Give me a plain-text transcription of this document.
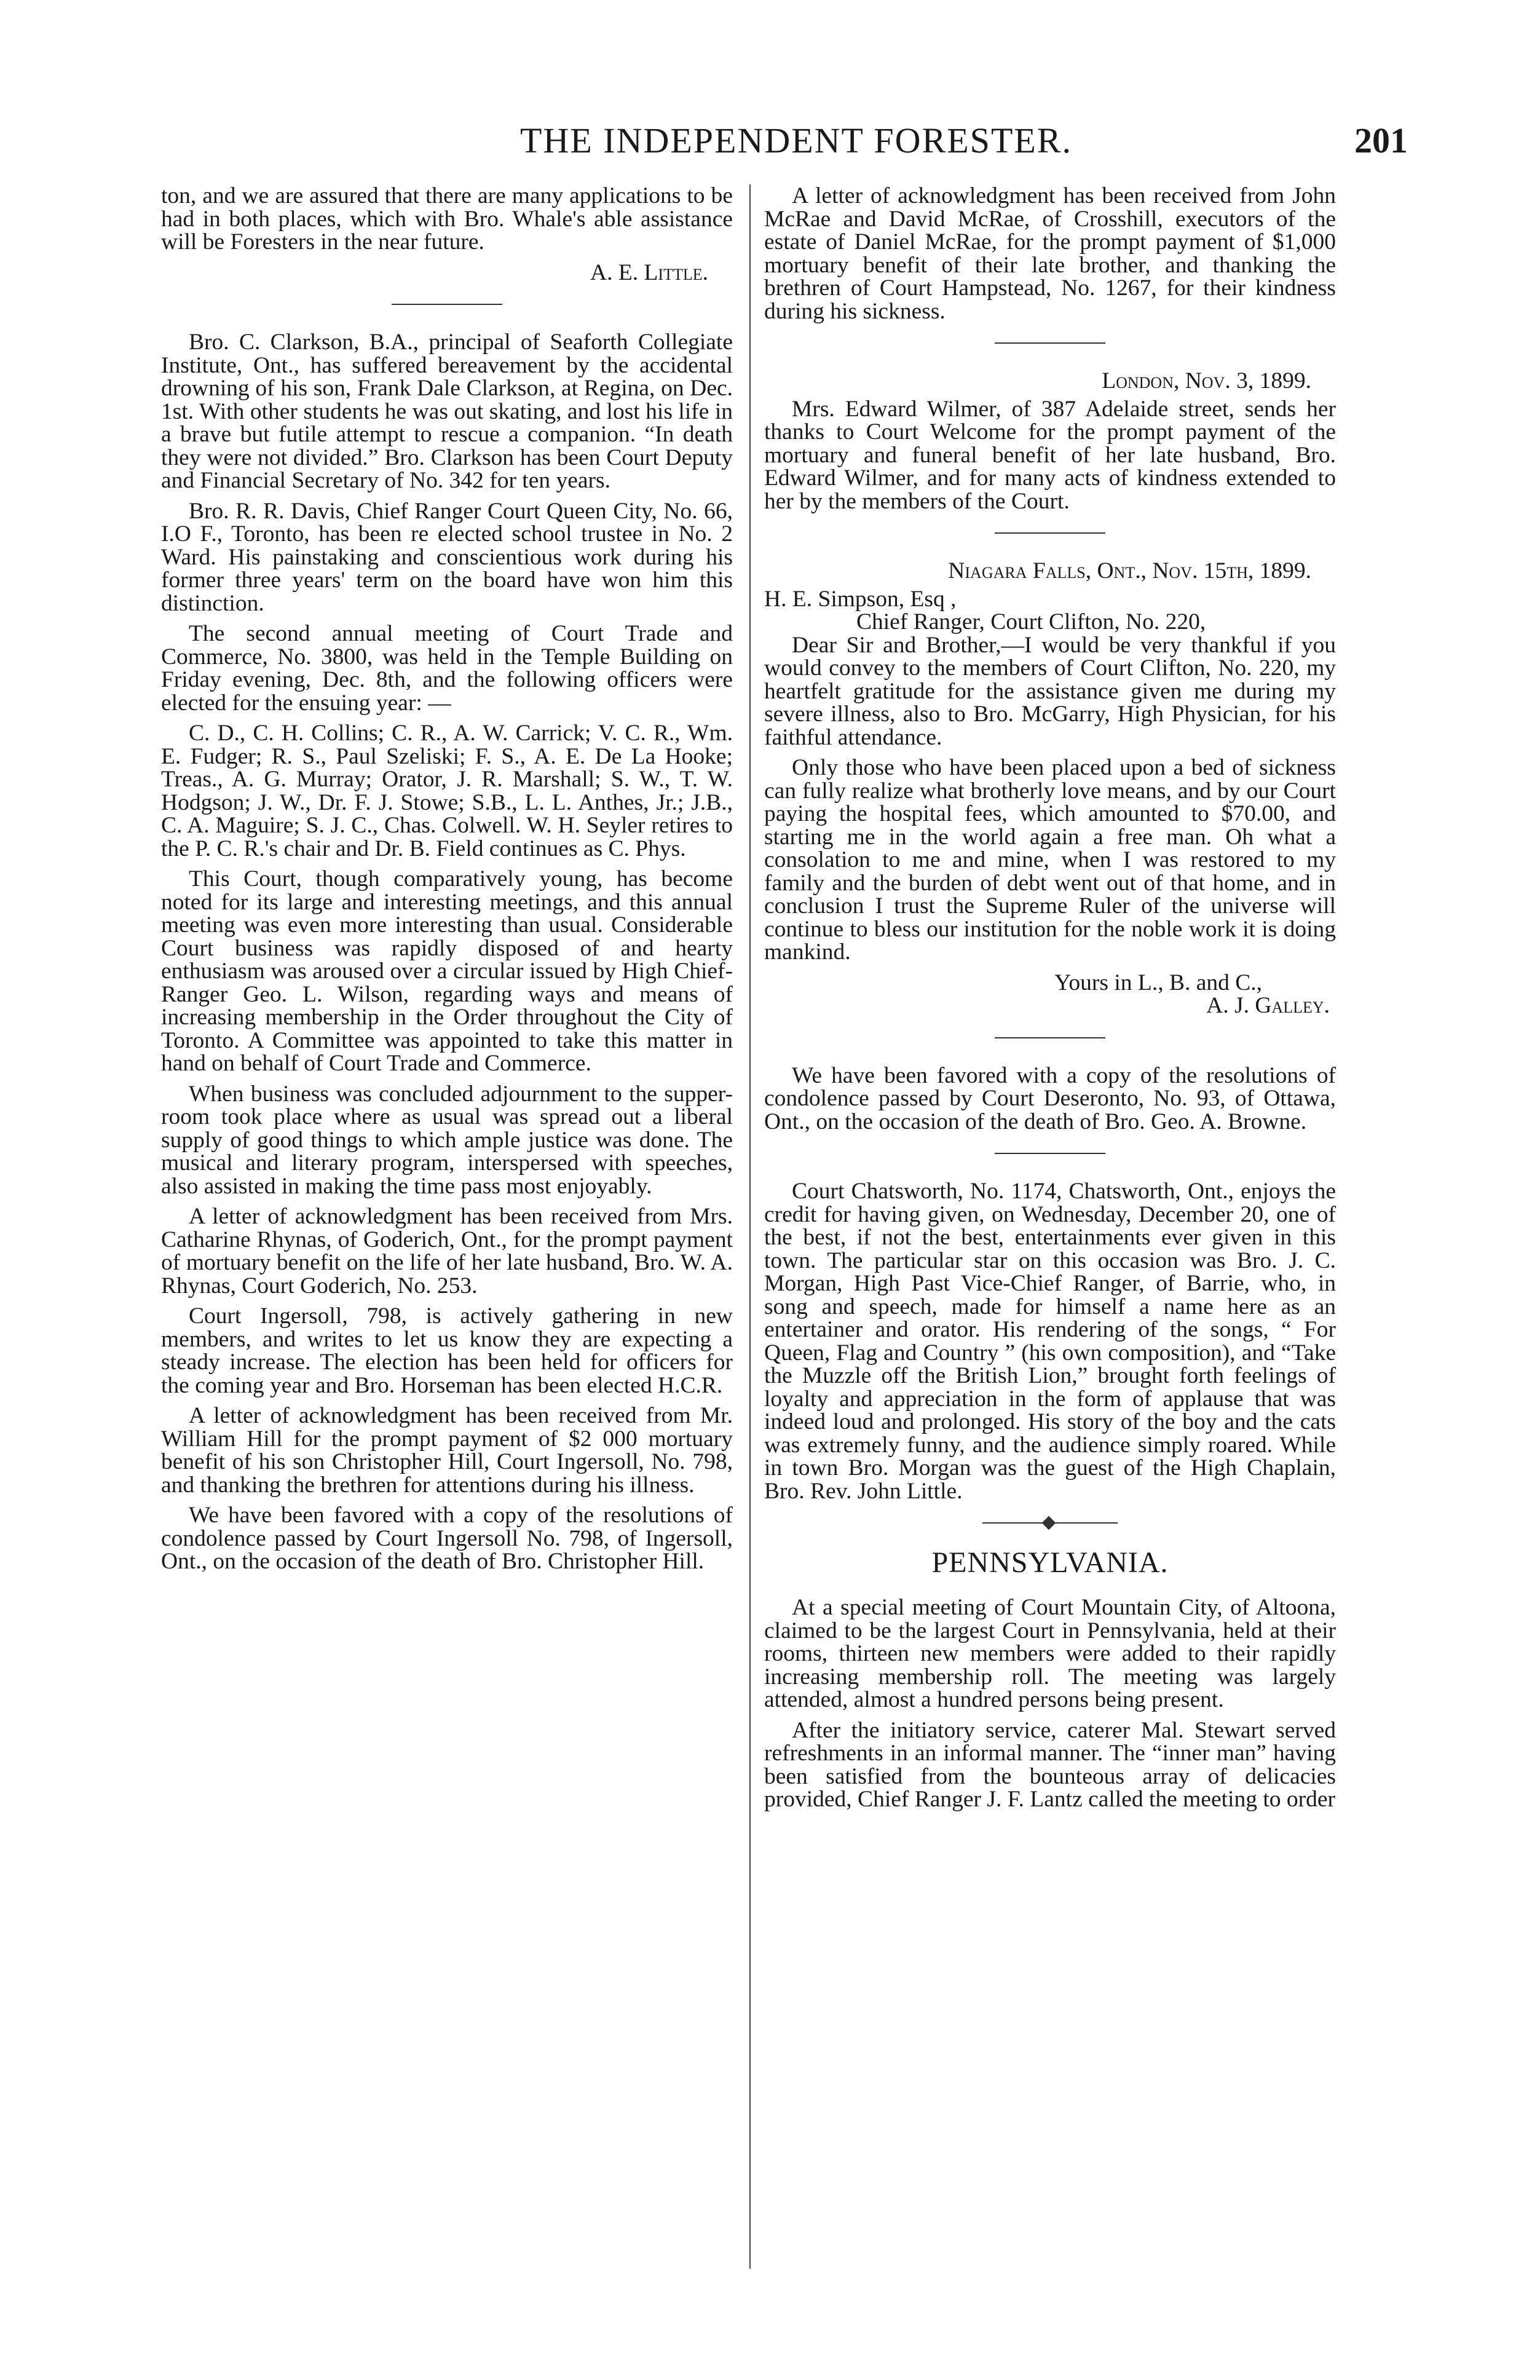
THE INDEPENDENT FORESTER.	201

ton, and we are assured that there are many applications to be had in both places, which with Bro. Whale's able assistance will be Foresters in the near future.

A. E. Little.

Bro. C. Clarkson, B.A., principal of Seaforth Collegiate Institute, Ont., has suffered bereavement by the accidental drowning of his son, Frank Dale Clarkson, at Regina, on Dec. 1st. With other students he was out skating, and lost his life in a brave but futile attempt to rescue a companion. “In death they were not divided.” Bro. Clarkson has been Court Deputy and Financial Secretary of No. 342 for ten years.

Bro. R. R. Davis, Chief Ranger Court Queen City, No. 66, I.O F., Toronto, has been re elected school trustee in No. 2 Ward. His painstaking and conscientious work during his former three years' term on the board have won him this distinction.

The second annual meeting of Court Trade and Commerce, No. 3800, was held in the Temple Building on Friday evening, Dec. 8th, and the following officers were elected for the ensuing year: —

C. D., C. H. Collins; C. R., A. W. Carrick; V. C. R., Wm. E. Fudger; R. S., Paul Szeliski; F. S., A. E. De La Hooke; Treas., A. G. Murray; Orator, J. R. Marshall; S. W., T. W. Hodgson; J. W., Dr. F. J. Stowe; S.B., L. L. Anthes, Jr.; J.B., C. A. Maguire; S. J. C., Chas. Colwell. W. H. Seyler retires to the P. C. R.'s chair and Dr. B. Field continues as C. Phys.

This Court, though comparatively young, has become noted for its large and interesting meetings, and this annual meeting was even more interesting than usual. Considerable Court business was rapidly disposed of and hearty enthusiasm was aroused over a circular issued by High Chief-Ranger Geo. L. Wilson, regarding ways and means of increasing membership in the Order throughout the City of Toronto. A Committee was appointed to take this matter in hand on behalf of Court Trade and Commerce.

When business was concluded adjournment to the supper-room took place where as usual was spread out a liberal supply of good things to which ample justice was done. The musical and literary program, interspersed with speeches, also assisted in making the time pass most enjoyably.

A letter of acknowledgment has been received from Mrs. Catharine Rhynas, of Goderich, Ont., for the prompt payment of mortuary benefit on the life of her late husband, Bro. W. A. Rhynas, Court Goderich, No. 253.

Court Ingersoll, 798, is actively gathering in new members, and writes to let us know they are expecting a steady increase. The election has been held for officers for the coming year and Bro. Horseman has been elected H.C.R.

A letter of acknowledgment has been received from Mr. William Hill for the prompt payment of $2 000 mortuary benefit of his son Christopher Hill, Court Ingersoll, No. 798, and thanking the brethren for attentions during his illness.

We have been favored with a copy of the resolutions of condolence passed by Court Ingersoll No. 798, of Ingersoll, Ont., on the occasion of the death of Bro. Christopher Hill.

A letter of acknowledgment has been received from John McRae and David McRae, of Crosshill, executors of the estate of Daniel McRae, for the prompt payment of $1,000 mortuary benefit of their late brother, and thanking the brethren of Court Hampstead, No. 1267, for their kindness during his sickness.

London, Nov. 3, 1899.

Mrs. Edward Wilmer, of 387 Adelaide street, sends her thanks to Court Welcome for the prompt payment of the mortuary and funeral benefit of her late husband, Bro. Edward Wilmer, and for many acts of kindness extended to her by the members of the Court.

Niagara Falls, Ont., Nov. 15th, 1899.
H. E. Simpson, Esq ,
Chief Ranger, Court Clifton, No. 220,

Dear Sir and Brother,—I would be very thankful if you would convey to the members of Court Clifton, No. 220, my heartfelt gratitude for the assistance given me during my severe illness, also to Bro. McGarry, High Physician, for his faithful attendance.

Only those who have been placed upon a bed of sickness can fully realize what brotherly love means, and by our Court paying the hospital fees, which amounted to $70.00, and starting me in the world again a free man. Oh what a consolation to me and mine, when I was restored to my family and the burden of debt went out of that home, and in conclusion I trust the Supreme Ruler of the universe will continue to bless our institution for the noble work it is doing mankind.

Yours in L., B. and C.,
A. J. Galley.

We have been favored with a copy of the resolutions of condolence passed by Court Deseronto, No. 93, of Ottawa, Ont., on the occasion of the death of Bro. Geo. A. Browne.

Court Chatsworth, No. 1174, Chatsworth, Ont., enjoys the credit for having given, on Wednesday, December 20, one of the best, if not the best, entertainments ever given in this town. The particular star on this occasion was Bro. J. C. Morgan, High Past Vice-Chief Ranger, of Barrie, who, in song and speech, made for himself a name here as an entertainer and orator. His rendering of the songs, “ For Queen, Flag and Country ” (his own composition), and “Take the Muzzle off the British Lion,” brought forth feelings of loyalty and appreciation in the form of applause that was indeed loud and prolonged. His story of the boy and the cats was extremely funny, and the audience simply roared. While in town Bro. Morgan was the guest of the High Chaplain, Bro. Rev. John Little.

PENNSYLVANIA.

At a special meeting of Court Mountain City, of Altoona, claimed to be the largest Court in Pennsylvania, held at their rooms, thirteen new members were added to their rapidly increasing membership roll. The meeting was largely attended, almost a hundred persons being present.

After the initiatory service, caterer Mal. Stewart served refreshments in an informal manner. The “inner man” having been satisfied from the bounteous array of delicacies provided, Chief Ranger J. F. Lantz called the meeting to order
